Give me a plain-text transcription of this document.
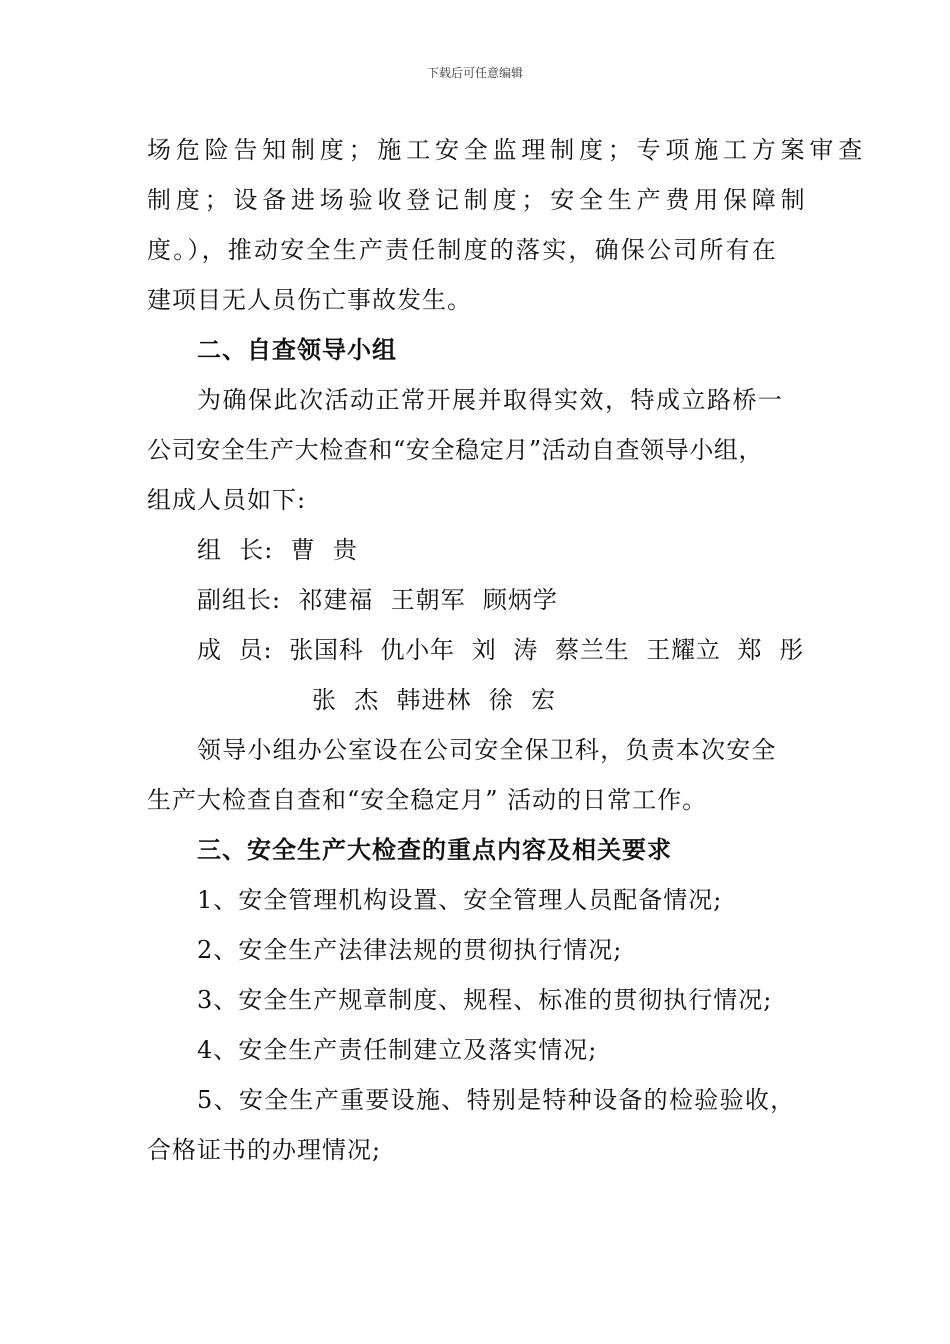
下载后可任意编辑
场危险告知制度；施工安全监理制度；专项施工方案审查
制度；设备进场验收登记制度；安全生产费用保障制
度。），推动安全生产责任制度的落实，确保公司所有在
建项目无人员伤亡事故发生。
二、自查领导小组
为确保此次活动正常开展并取得实效，特成立路桥一
公司安全生产大检查和“安全稳定月”活动自查领导小组，
组成人员如下:
组  长:  曹  贵
副组长:  祁建福  王朝军  顾炳学
成  员:  张国科  仇小年  刘  涛  蔡兰生  王耀立  郑  彤
张  杰  韩进林  徐  宏
领导小组办公室设在公司安全保卫科，负责本次安全
生产大检查自查和“安全稳定月” 活动的日常工作。
三、安全生产大检查的重点内容及相关要求
1、安全管理机构设置、安全管理人员配备情况;
2、安全生产法律法规的贯彻执行情况;
3、安全生产规章制度、规程、标准的贯彻执行情况;
4、安全生产责任制建立及落实情况;
5、安全生产重要设施、特别是特种设备的检验验收，
合格证书的办理情况;
